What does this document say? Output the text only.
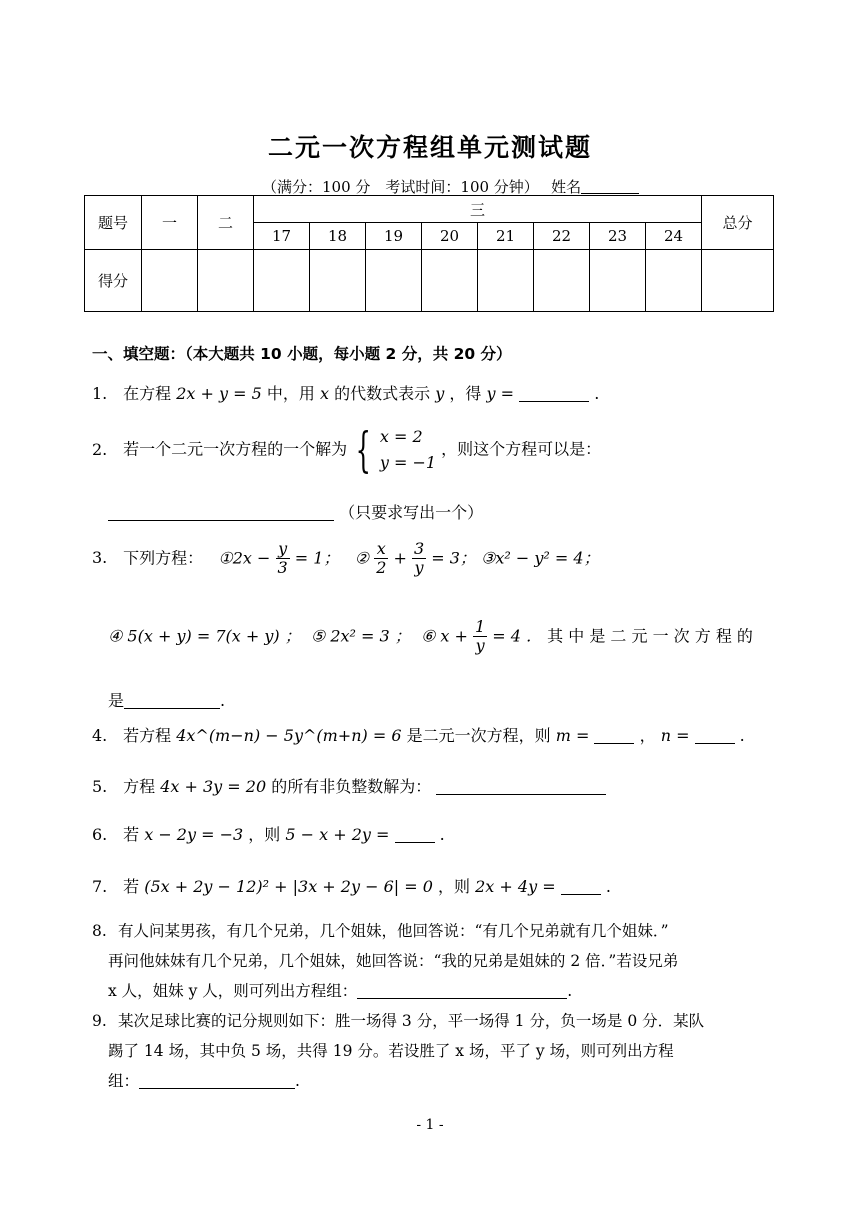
二元一次方程组单元测试题
（满分：100 分　考试时间：100 分钟）　 姓名
题号	一	二	三								总分
			17	18	19	20	21	22	23	24	
得分											
一、填空题：（本大题共 10 小题，每小题 2 分，共 20 分）
1. 在方程 2x + y = 5 中，用 x 的代数式表示 y ，得 y =	.
2. 若一个二元一次方程的一个解为 { x = 2
y = −1
，则这个方程可以是：
（只要求写出一个）
3. 下列方程： ①2x − $\frac{y}{3} = 1$； ② $\frac{x}{2} + \frac{3}{y} = 3$； ③x² − y² = 4；
④ 5(x + y) = 7(x + y) ； ⑤ 2x² = 3 ； ⑥ $x + \frac{1}{y} = 4$ ． 其 中 是 二 元 一 次 方 程 的
是	.
4. 若方程 4x^(m−n) − 5y^(m+n) = 6 是二元一次方程，则 m =	， n =	.
5. 方程 4x + 3y = 20 的所有非负整数解为：
6. 若 x − 2y = −3 ，则 5 − x + 2y =	.
7. 若 (5x + 2y − 12)² + |3x + 2y − 6| = 0 ，则 2x + 4y =	.
8. 有人问某男孩，有几个兄弟，几个姐妹，他回答说：“有几个兄弟就有几个姐妹．”
再问他妹妹有几个兄弟，几个姐妹，她回答说：“我的兄弟是姐妹的 2 倍．”若设兄弟
x 人，姐妹 y 人，则可列出方程组：	.
9. 某次足球比赛的记分规则如下：胜一场得 3 分，平一场得 1 分，负一场是 0 分．某队
踢了 14 场，其中负 5 场，共得 19 分。若设胜了 x 场，平了 y 场，则可列出方程
组：	.
- 1 -
